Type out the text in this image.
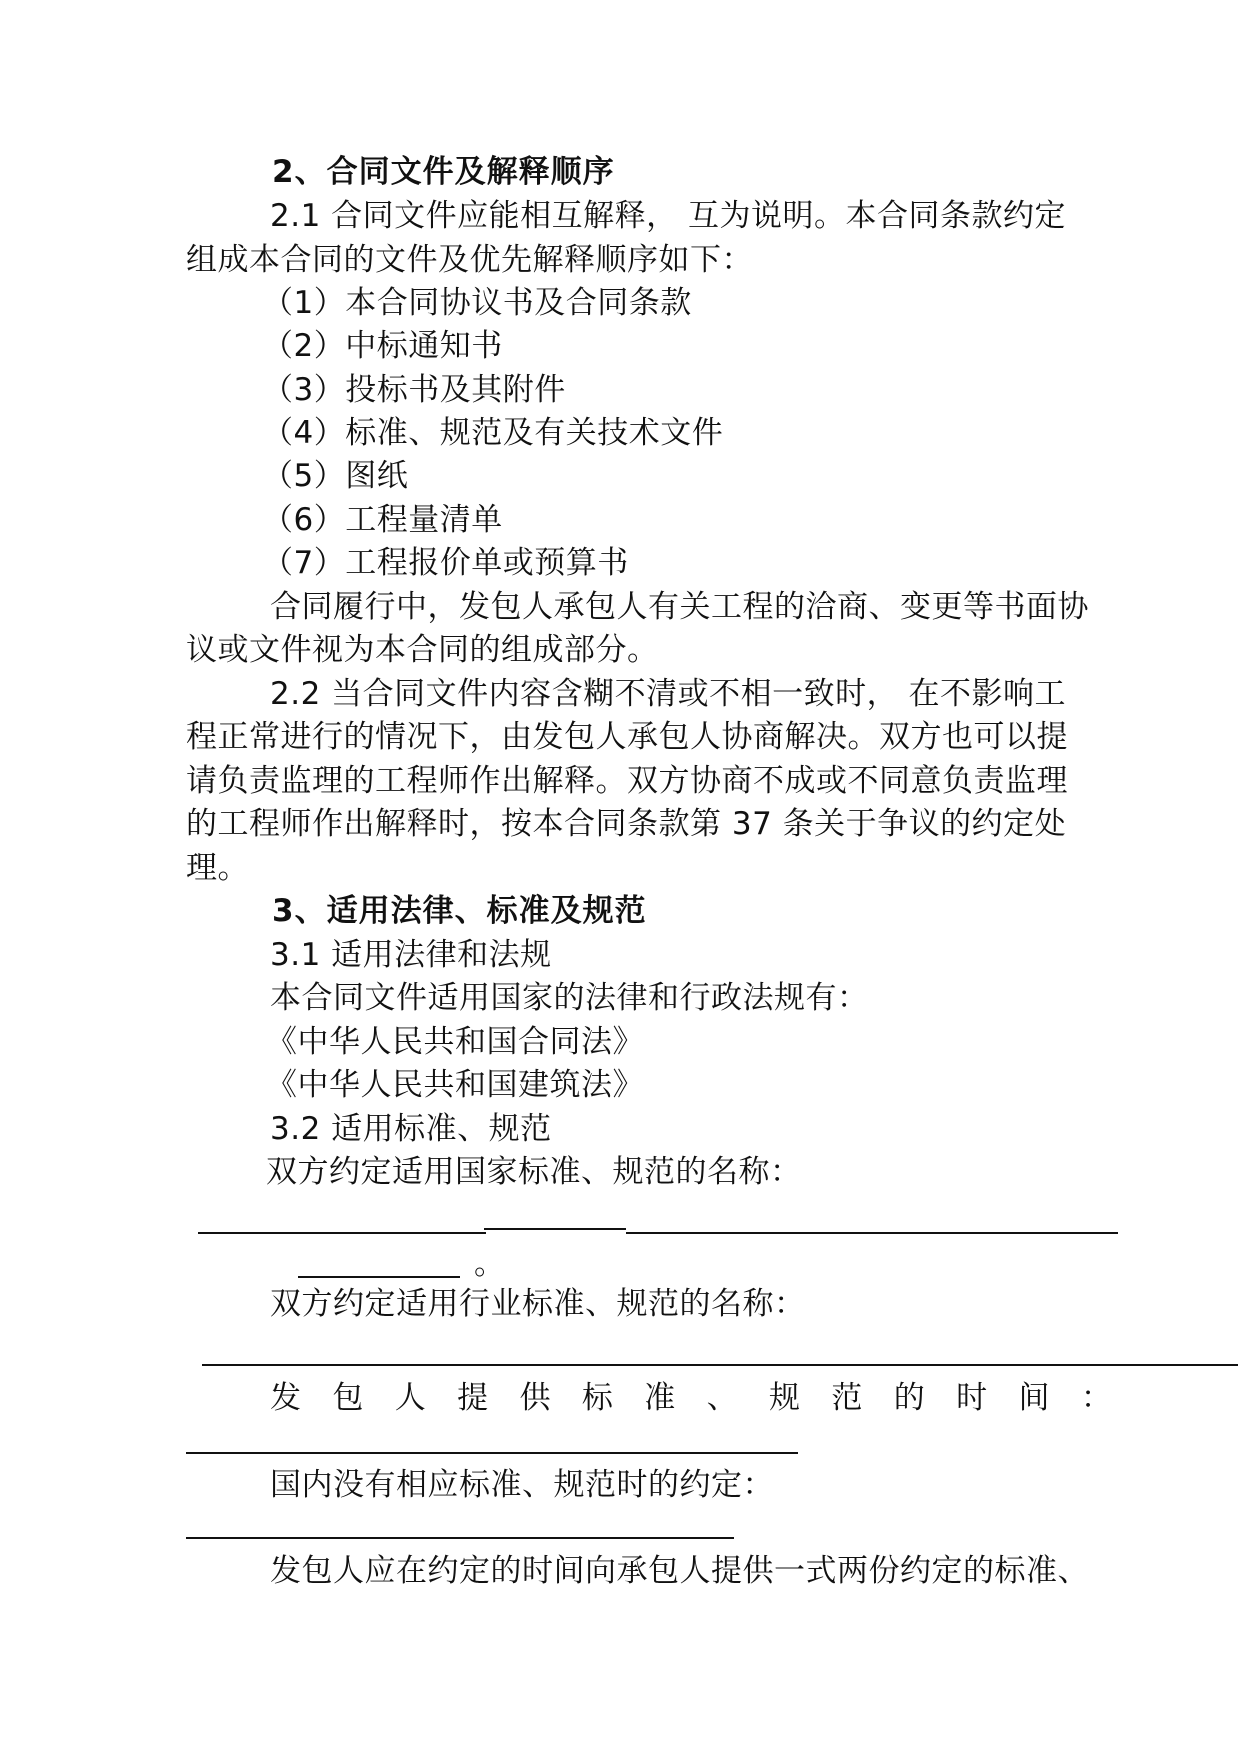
2、合同文件及解释顺序
2.1 合同文件应能相互解释， 互为说明。本合同条款约定
组成本合同的文件及优先解释顺序如下：
（1）本合同协议书及合同条款
（2）中标通知书
（3）投标书及其附件
（4）标准、规范及有关技术文件
（5）图纸
（6）工程量清单
（7）工程报价单或预算书
合同履行中，发包人承包人有关工程的洽商、变更等书面协
议或文件视为本合同的组成部分。
2.2 当合同文件内容含糊不清或不相一致时， 在不影响工
程正常进行的情况下，由发包人承包人协商解决。双方也可以提
请负责监理的工程师作出解释。双方协商不成或不同意负责监理
的工程师作出解释时，按本合同条款第 37 条关于争议的约定处
理。
3、适用法律、标准及规范
3.1 适用法律和法规
本合同文件适用国家的法律和行政法规有：
《中华人民共和国合同法》
《中华人民共和国建筑法》
3.2 适用标准、规范
双方约定适用国家标准、规范的名称：
。
双方约定适用行业标准、规范的名称：
发 包 人 提 供 标 准 、 规 范 的 时 间 ：
国内没有相应标准、规范时的约定：
发包人应在约定的时间向承包人提供一式两份约定的标准、
